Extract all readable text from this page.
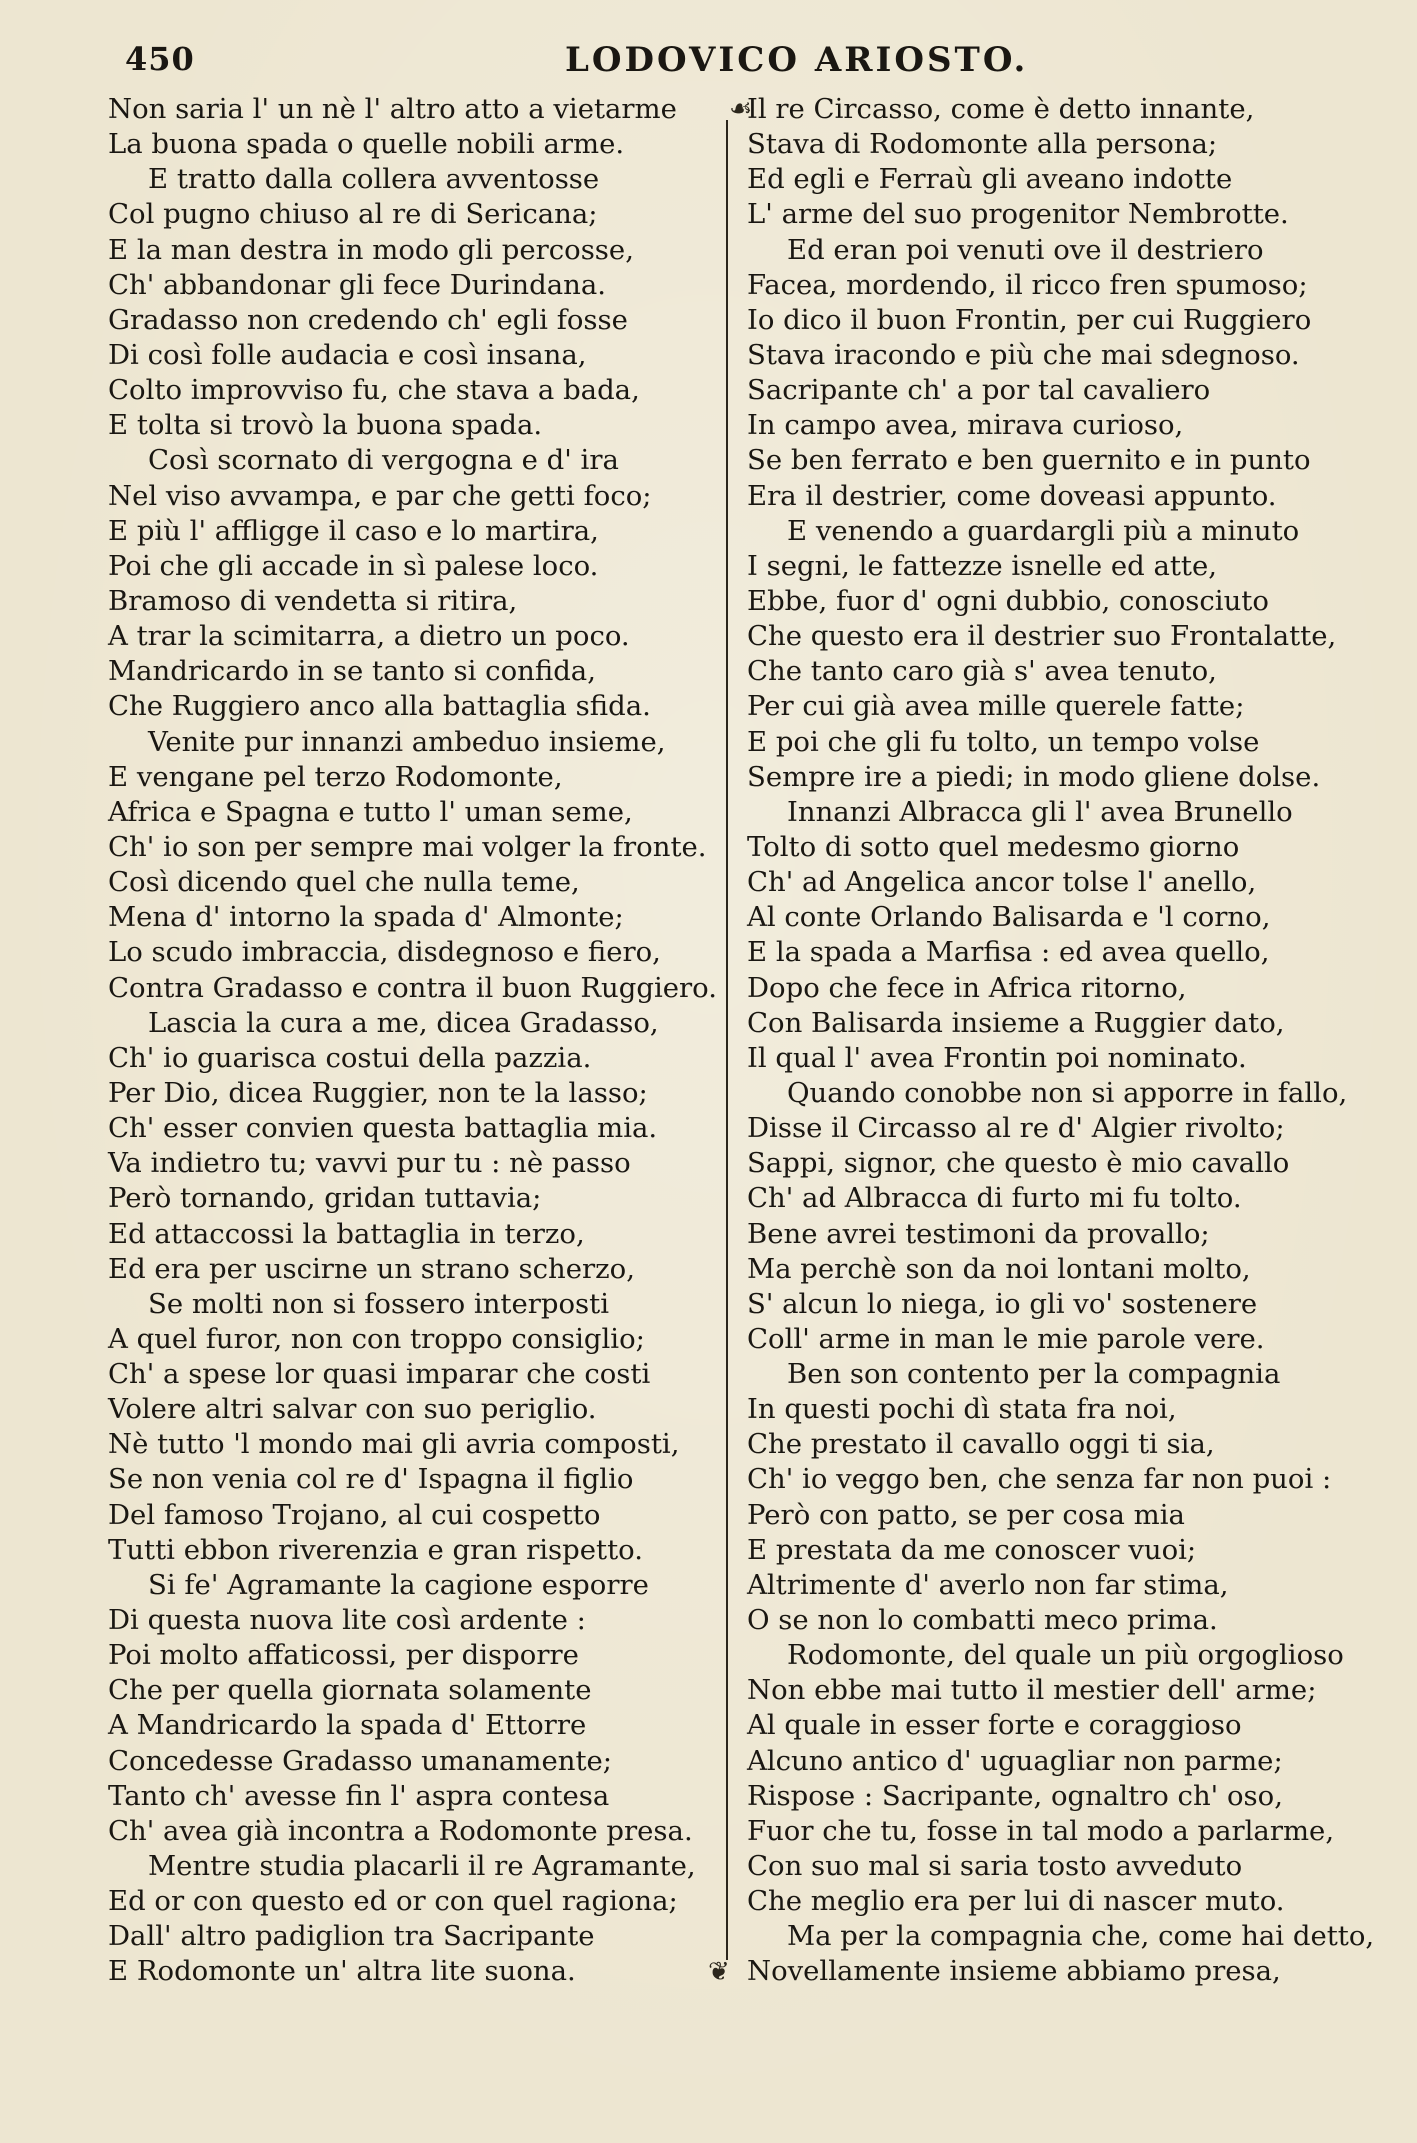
450	LODOVICO ARIOSTO.
Non saria l' un nè l' altro atto a vietarme
La buona spada o quelle nobili arme.
E tratto dalla collera avventosse
Col pugno chiuso al re di Sericana;
E la man destra in modo gli percosse,
Ch' abbandonar gli fece Durindana.
Gradasso non credendo ch' egli fosse
Di così folle audacia e così insana,
Colto improvviso fu, che stava a bada,
E tolta si trovò la buona spada.
Così scornato di vergogna e d' ira
Nel viso avvampa, e par che getti foco;
E più l' affligge il caso e lo martira,
Poi che gli accade in sì palese loco.
Bramoso di vendetta si ritira,
A trar la scimitarra, a dietro un poco.
Mandricardo in se tanto si confida,
Che Ruggiero anco alla battaglia sfida.
Venite pur innanzi ambeduo insieme,
E vengane pel terzo Rodomonte,
Africa e Spagna e tutto l' uman seme,
Ch' io son per sempre mai volger la fronte.
Così dicendo quel che nulla teme,
Mena d' intorno la spada d' Almonte;
Lo scudo imbraccia, disdegnoso e fiero,
Contra Gradasso e contra il buon Ruggiero.
Lascia la cura a me, dicea Gradasso,
Ch' io guarisca costui della pazzia.
Per Dio, dicea Ruggier, non te la lasso;
Ch' esser convien questa battaglia mia.
Va indietro tu; vavvi pur tu : nè passo
Però tornando, gridan tuttavia;
Ed attaccossi la battaglia in terzo,
Ed era per uscirne un strano scherzo,
Se molti non si fossero interposti
A quel furor, non con troppo consiglio;
Ch' a spese lor quasi imparar che costi
Volere altri salvar con suo periglio.
Nè tutto 'l mondo mai gli avria composti,
Se non venia col re d' Ispagna il figlio
Del famoso Trojano, al cui cospetto
Tutti ebbon riverenzia e gran rispetto.
Si fe' Agramante la cagione esporre
Di questa nuova lite così ardente :
Poi molto affaticossi, per disporre
Che per quella giornata solamente
A Mandricardo la spada d' Ettorre
Concedesse Gradasso umanamente;
Tanto ch' avesse fin l' aspra contesa
Ch' avea già incontra a Rodomonte presa.
Mentre studia placarli il re Agramante,
Ed or con questo ed or con quel ragiona;
Dall' altro padiglion tra Sacripante
E Rodomonte un' altra lite suona.
☙
❦
Il re Circasso, come è detto innante,
Stava di Rodomonte alla persona;
Ed egli e Ferraù gli aveano indotte
L' arme del suo progenitor Nembrotte.
Ed eran poi venuti ove il destriero
Facea, mordendo, il ricco fren spumoso;
Io dico il buon Frontin, per cui Ruggiero
Stava iracondo e più che mai sdegnoso.
Sacripante ch' a por tal cavaliero
In campo avea, mirava curioso,
Se ben ferrato e ben guernito e in punto
Era il destrier, come doveasi appunto.
E venendo a guardargli più a minuto
I segni, le fattezze isnelle ed atte,
Ebbe, fuor d' ogni dubbio, conosciuto
Che questo era il destrier suo Frontalatte,
Che tanto caro già s' avea tenuto,
Per cui già avea mille querele fatte;
E poi che gli fu tolto, un tempo volse
Sempre ire a piedi; in modo gliene dolse.
Innanzi Albracca gli l' avea Brunello
Tolto di sotto quel medesmo giorno
Ch' ad Angelica ancor tolse l' anello,
Al conte Orlando Balisarda e 'l corno,
E la spada a Marfisa : ed avea quello,
Dopo che fece in Africa ritorno,
Con Balisarda insieme a Ruggier dato,
Il qual l' avea Frontin poi nominato.
Quando conobbe non si apporre in fallo,
Disse il Circasso al re d' Algier rivolto;
Sappi, signor, che questo è mio cavallo
Ch' ad Albracca di furto mi fu tolto.
Bene avrei testimoni da provallo;
Ma perchè son da noi lontani molto,
S' alcun lo niega, io gli vo' sostenere
Coll' arme in man le mie parole vere.
Ben son contento per la compagnia
In questi pochi dì stata fra noi,
Che prestato il cavallo oggi ti sia,
Ch' io veggo ben, che senza far non puoi :
Però con patto, se per cosa mia
E prestata da me conoscer vuoi;
Altrimente d' averlo non far stima,
O se non lo combatti meco prima.
Rodomonte, del quale un più orgoglioso
Non ebbe mai tutto il mestier dell' arme;
Al quale in esser forte e coraggioso
Alcuno antico d' uguagliar non parme;
Rispose : Sacripante, ognaltro ch' oso,
Fuor che tu, fosse in tal modo a parlarme,
Con suo mal si saria tosto avveduto
Che meglio era per lui di nascer muto.
Ma per la compagnia che, come hai detto,
Novellamente insieme abbiamo presa,
